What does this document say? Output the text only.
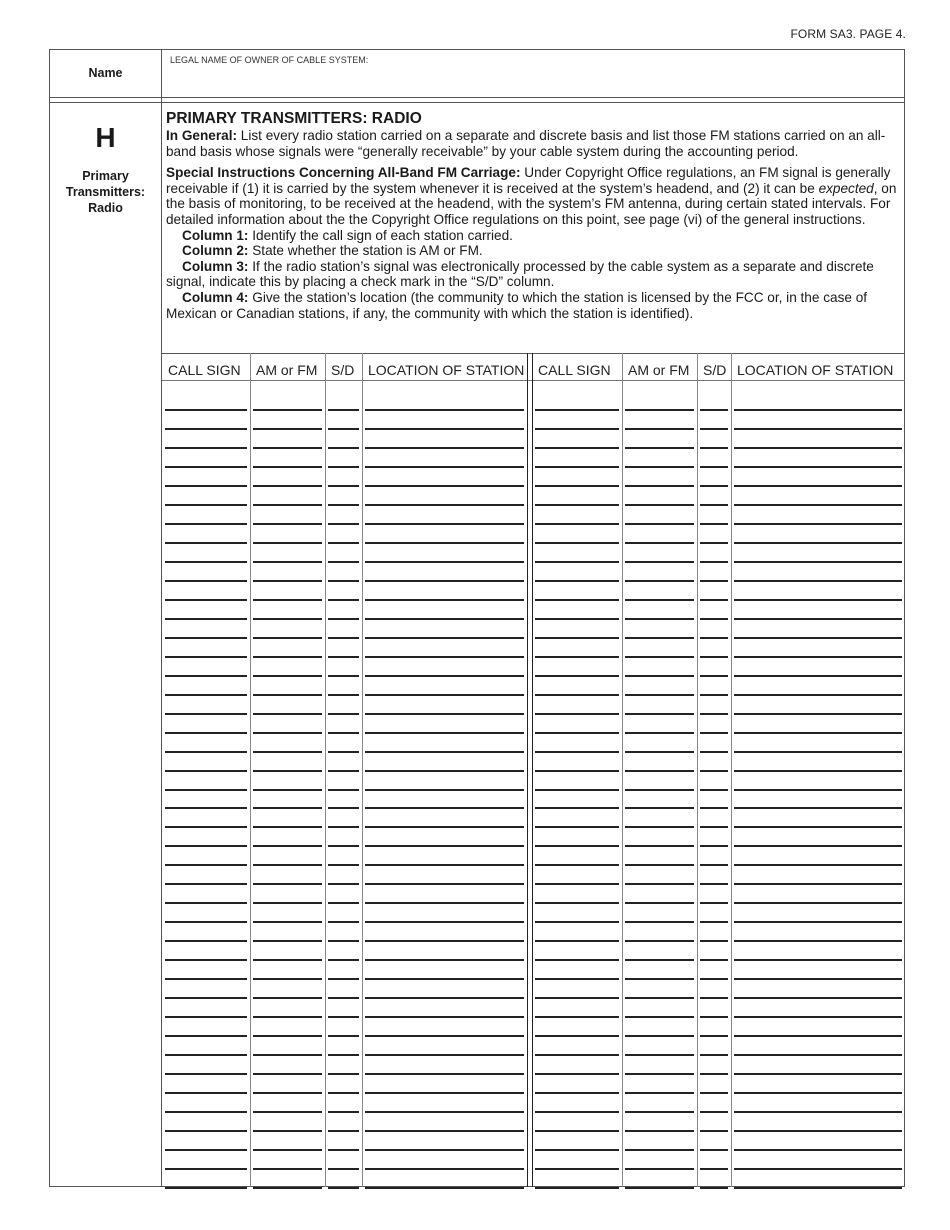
FORM SA3. PAGE 4.
Name
LEGAL NAME OF OWNER OF CABLE SYSTEM:
H
Primary Transmitters: Radio
PRIMARY TRANSMITTERS: RADIO

In General: List every radio station carried on a separate and discrete basis and list those FM stations carried on an all-band basis whose signals were “generally receivable” by your cable system during the accounting period.

Special Instructions Concerning All-Band FM Carriage: Under Copyright Office regulations, an FM signal is generally receivable if (1) it is carried by the system whenever it is received at the system’s headend, and (2) it can be expected, on the basis of monitoring, to be received at the headend, with the system’s FM antenna, during certain stated intervals. For detailed information about the the Copyright Office regulations on this point, see page (vi) of the general instructions.

Column 1: Identify the call sign of each station carried.

Column 2: State whether the station is AM or FM.

Column 3: If the radio station’s signal was electronically processed by the cable system as a separate and discrete signal, indicate this by placing a check mark in the “S/D” column.

Column 4: Give the station’s location (the community to which the station is licensed by the FCC or, in the case of Mexican or Canadian stations, if any, the community with which the station is identified).

CALL SIGN	AM or FM S/D LOCATION OF STATION CALL SIGN	AM or FM S/D LOCATION OF STATION
